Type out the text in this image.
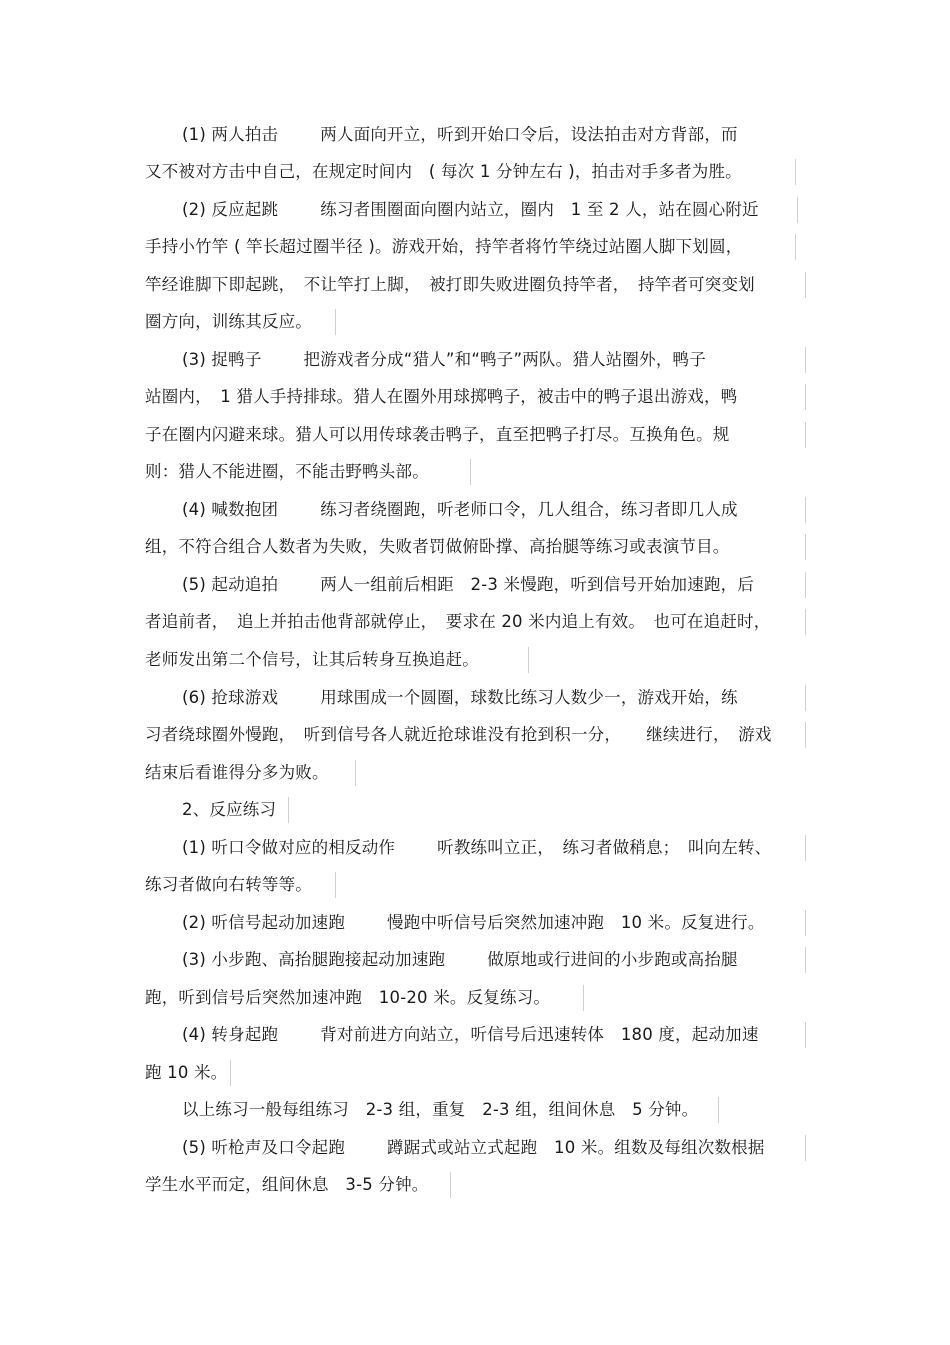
(1) 两人拍击	两人面向开立，听到开始口令后，设法拍击对方背部，而
又不被对方击中自己，在规定时间内　( 每次 1 分钟左右 )，拍击对手多者为胜。
(2) 反应起跳	练习者围圈面向圈内站立，圈内　1 至 2 人，站在圆心附近
手持小竹竿 ( 竿长超过圈半径 )。游戏开始，持竿者将竹竿绕过站圈人脚下划圆，
竿经谁脚下即起跳，　不让竿打上脚，　被打即失败进圈负持竿者，　持竿者可突变划
圈方向，训练其反应。
(3) 捉鸭子	把游戏者分成“猎人”和“鸭子”两队。猎人站圈外，鸭子
站圈内，　1 猎人手持排球。猎人在圈外用球掷鸭子，被击中的鸭子退出游戏，鸭
子在圈内闪避来球。猎人可以用传球袭击鸭子，直至把鸭子打尽。互换角色。规
则：猎人不能进圈，不能击野鸭头部。
(4) 喊数抱团	练习者绕圈跑，听老师口令，几人组合，练习者即几人成
组，不符合组合人数者为失败，失败者罚做俯卧撑、高抬腿等练习或表演节目。
(5) 起动追拍	两人一组前后相距　2-3 米慢跑，听到信号开始加速跑，后
者追前者，　追上并拍击他背部就停止，　要求在 20 米内追上有效。　也可在追赶时，
老师发出第二个信号，让其后转身互换追赶。
(6) 抢球游戏	用球围成一个圆圈，球数比练习人数少一，游戏开始，练
习者绕球圈外慢跑，　听到信号各人就近抢球谁没有抢到积一分，　　继续进行，　游戏
结束后看谁得分多为败。
2、反应练习
(1) 听口令做对应的相反动作	听教练叫立正，　练习者做稍息；　叫向左转、
练习者做向右转等等。
(2) 听信号起动加速跑	慢跑中听信号后突然加速冲跑　10 米。反复进行。
(3) 小步跑、高抬腿跑接起动加速跑	做原地或行进间的小步跑或高抬腿
跑，听到信号后突然加速冲跑　10-20 米。反复练习。
(4) 转身起跑	背对前进方向站立，听信号后迅速转体　180 度，起动加速
跑 10 米。
以上练习一般每组练习　2-3 组，重复　2-3 组，组间休息　5 分钟。
(5) 听枪声及口令起跑	蹲踞式或站立式起跑　10 米。组数及每组次数根据
学生水平而定，组间休息　3-5 分钟。
